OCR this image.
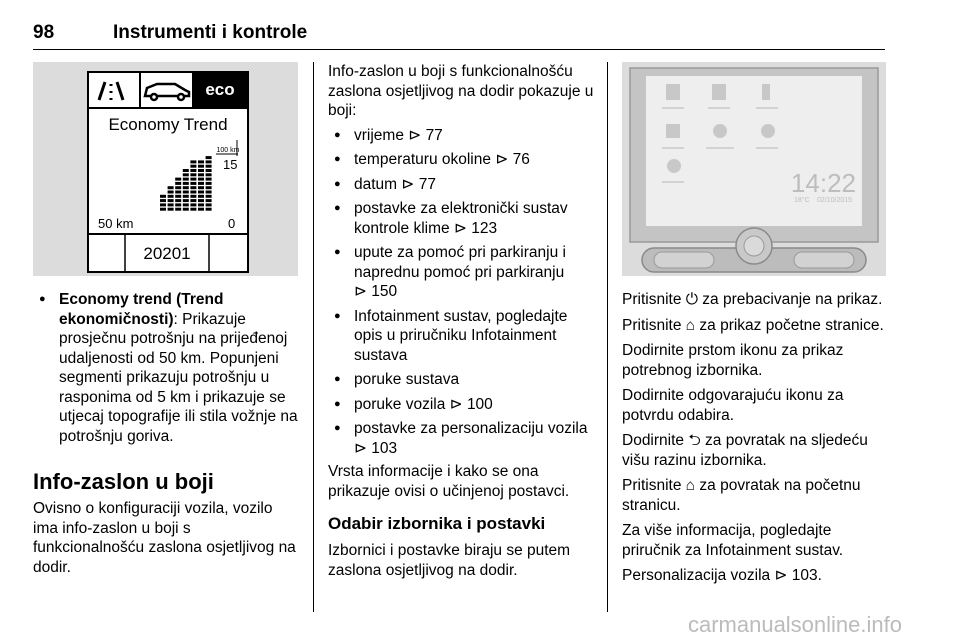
98	Instrumenti i kontrole
eco
Economy Trend
100 km
15
50 km	0
20201
● Economy trend (Trend ekonomičnosti): Prikazuje prosječnu potrošnju na prijeđenoj udaljenosti od 50 km. Popunjeni segmenti prikazuju potrošnju u rasponima od 5 km i prikazuje se utjecaj topografije ili stila vožnje na potrošnju goriva.
Info-zaslon u boji

Ovisno o konfiguraciji vozila, vozilo ima info-zaslon u boji s funkcionalnošću zaslona osjetljivog na dodir.

Info-zaslon u boji s funkcionalnošću zaslona osjetljivog na dodir pokazuje u boji:

● vrijeme ⊳ 77
● temperaturu okoline ⊳ 76
● datum ⊳ 77
● postavke za elektronički sustav kontrole klime ⊳ 123
● upute za pomoć pri parkiranju i naprednu pomoć pri parkiranju ⊳ 150
● Infotainment sustav, pogledajte opis u priručniku Infotainment sustava
● poruke sustava
● poruke vozila ⊳ 100
● postavke za personalizaciju vozila ⊳ 103

Vrsta informacije i kako se ona prikazuje ovisi o učinjenoj postavci.

Odabir izbornika i postavki

Izbornici i postavke biraju se putem zaslona osjetljivog na dodir.

14:22
18°C 02/10/2015

Pritisnite ⏻ za prebacivanje na prikaz.

Pritisnite ⌂ za prikaz početne stranice.

Dodirnite prstom ikonu za prikaz potrebnog izbornika.

Dodirnite odgovarajuću ikonu za potvrdu odabira.

Dodirnite ⮌ za povratak na sljedeću višu razinu izbornika.

Pritisnite ⌂ za povratak na početnu stranicu.

Za više informacija, pogledajte priručnik za Infotainment sustav.

Personalizacija vozila ⊳ 103.

carmanualsonline.info
